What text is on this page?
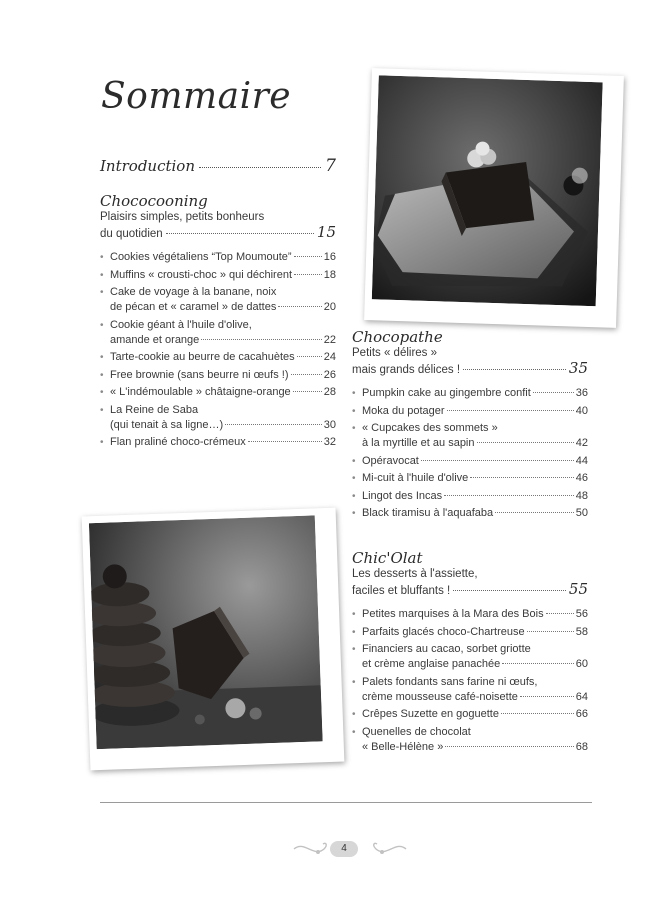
Sommaire
Introduction	7
Chococooning
Plaisirs simples, petits bonheurs
du quotidien	15
• Cookies végétaliens “Top Moumoute”	16
• Muffins « crousti-choc » qui déchirent	18
• Cake de voyage à la banane, noix
de pécan et « caramel » de dattes	20
• Cookie géant à l'huile d'olive,
amande et orange	22
• Tarte-cookie au beurre de cacahuètes	24
• Free brownie (sans beurre ni œufs !)	26
• « L'indémoulable » châtaigne-orange	28
• La Reine de Saba
(qui tenait à sa ligne…)	30
• Flan praliné choco-crémeux	32
Chocopathe
Petits « délires »
mais grands délices !	35
• Pumpkin cake au gingembre confit	36
• Moka du potager	40
• « Cupcakes des sommets »
à la myrtille et au sapin	42
• Opéravocat	44
• Mi-cuit à l'huile d'olive	46
• Lingot des Incas	48
• Black tiramisu à l'aquafaba	50
Chic'Olat
Les desserts à l'assiette,
faciles et bluffants !	55
• Petites marquises à la Mara des Bois	56
• Parfaits glacés choco-Chartreuse	58
• Financiers au cacao, sorbet griotte
et crème anglaise panachée	60
• Palets fondants sans farine ni œufs,
crème mousseuse café-noisette	64
• Crêpes Suzette en goguette	66
• Quenelles de chocolat
« Belle-Hélène »	68
4
